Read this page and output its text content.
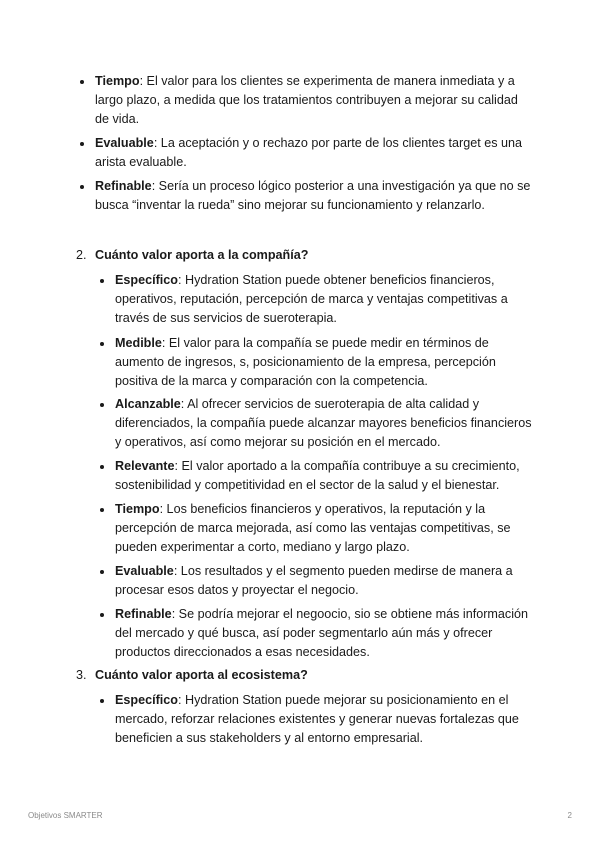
Tiempo: El valor para los clientes se experimenta de manera inmediata y a largo plazo, a medida que los tratamientos contribuyen a mejorar su calidad de vida.
Evaluable: La aceptación y o rechazo por parte de los clientes target es una arista evaluable.
Refinable: Sería un proceso lógico posterior a una investigación ya que no se busca “inventar la rueda” sino mejorar su funcionamiento y relanzarlo.
2. Cuánto valor aporta a la compañía?
Específico: Hydration Station puede obtener beneficios financieros, operativos, reputación, percepción de marca y ventajas competitivas a través de sus servicios de sueroterapia.
Medible: El valor para la compañía se puede medir en términos de aumento de ingresos, s, posicionamiento de la empresa, percepción positiva de la marca y comparación con la competencia.
Alcanzable: Al ofrecer servicios de sueroterapia de alta calidad y diferenciados, la compañía puede alcanzar mayores beneficios financieros y operativos, así como mejorar su posición en el mercado.
Relevante: El valor aportado a la compañía contribuye a su crecimiento, sostenibilidad y competitividad en el sector de la salud y el bienestar.
Tiempo: Los beneficios financieros y operativos, la reputación y la percepción de marca mejorada, así como las ventajas competitivas, se pueden experimentar a corto, mediano y largo plazo.
Evaluable: Los resultados y el segmento pueden medirse de manera a procesar esos datos y proyectar el negocio.
Refinable: Se podría mejorar el negoocio, sio se obtiene más información del mercado y qué busca, así poder segmentarlo aún más y ofrecer productos direccionados a esas necesidades.
3. Cuánto valor aporta al ecosistema?
Específico: Hydration Station puede mejorar su posicionamiento en el mercado, reforzar relaciones existentes y generar nuevas fortalezas que beneficien a sus stakeholders y al entorno empresarial.
Objetivos SMARTER	2
